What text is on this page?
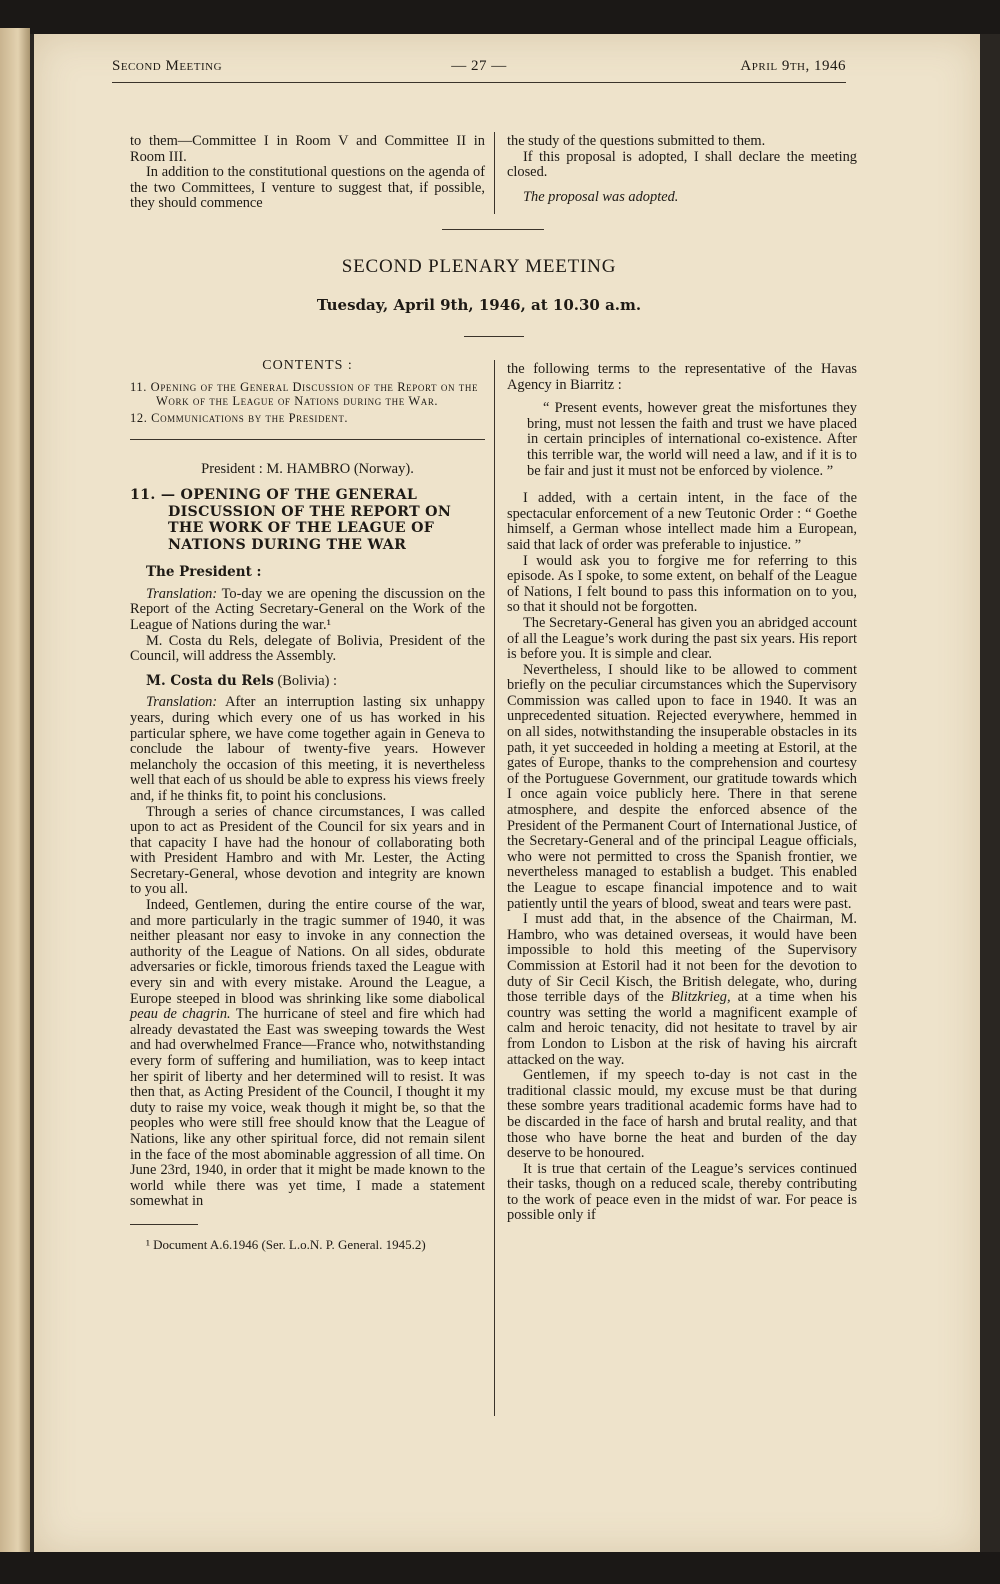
Second Meeting	— 27 —	April 9th, 1946

to them—Committee I in Room V and Committee II in Room III.

In addition to the constitutional questions on the agenda of the two Committees, I venture to suggest that, if possible, they should commence

the study of the questions submitted to them.

If this proposal is adopted, I shall declare the meeting closed.

The proposal was adopted.

SECOND PLENARY MEETING
Tuesday, April 9th, 1946, at 10.30 a.m.
CONTENTS :
11. Opening of the General Discussion of the Report on the Work of the League of Nations during the War.
12. Communications by the President.

President : M. HAMBRO (Norway).

11. — OPENING OF THE GENERAL DISCUSSION OF THE REPORT ON THE WORK OF THE LEAGUE OF NATIONS DURING THE WAR

The President :

Translation: To-day we are opening the discussion on the Report of the Acting Secretary-General on the Work of the League of Nations during the war.¹

M. Costa du Rels, delegate of Bolivia, President of the Council, will address the Assembly.

M. Costa du Rels (Bolivia) :

Translation: After an interruption lasting six unhappy years, during which every one of us has worked in his particular sphere, we have come together again in Geneva to conclude the labour of twenty-five years. However melancholy the occasion of this meeting, it is nevertheless well that each of us should be able to express his views freely and, if he thinks fit, to point his conclusions.

Through a series of chance circumstances, I was called upon to act as President of the Council for six years and in that capacity I have had the honour of collaborating both with President Hambro and with Mr. Lester, the Acting Secretary-General, whose devotion and integrity are known to you all.

Indeed, Gentlemen, during the entire course of the war, and more particularly in the tragic summer of 1940, it was neither pleasant nor easy to invoke in any connection the authority of the League of Nations. On all sides, obdurate adversaries or fickle, timorous friends taxed the League with every sin and with every mistake. Around the League, a Europe steeped in blood was shrinking like some diabolical peau de chagrin. The hurricane of steel and fire which had already devastated the East was sweeping towards the West and had overwhelmed France—France who, notwithstanding every form of suffering and humiliation, was to keep intact her spirit of liberty and her determined will to resist. It was then that, as Acting President of the Council, I thought it my duty to raise my voice, weak though it might be, so that the peoples who were still free should know that the League of Nations, like any other spiritual force, did not remain silent in the face of the most abominable aggression of all time. On June 23rd, 1940, in order that it might be made known to the world while there was yet time, I made a statement somewhat in

¹ Document A.6.1946 (Ser. L.o.N. P. General. 1945.2)

the following terms to the representative of the Havas Agency in Biarritz :

“ Present events, however great the misfortunes they bring, must not lessen the faith and trust we have placed in certain principles of international co-existence. After this terrible war, the world will need a law, and if it is to be fair and just it must not be enforced by violence. ”

I added, with a certain intent, in the face of the spectacular enforcement of a new Teutonic Order : “ Goethe himself, a German whose intellect made him a European, said that lack of order was preferable to injustice. ”

I would ask you to forgive me for referring to this episode. As I spoke, to some extent, on behalf of the League of Nations, I felt bound to pass this information on to you, so that it should not be forgotten.

The Secretary-General has given you an abridged account of all the League’s work during the past six years. His report is before you. It is simple and clear.

Nevertheless, I should like to be allowed to comment briefly on the peculiar circumstances which the Supervisory Commission was called upon to face in 1940. It was an unprecedented situation. Rejected everywhere, hemmed in on all sides, notwithstanding the insuperable obstacles in its path, it yet succeeded in holding a meeting at Estoril, at the gates of Europe, thanks to the comprehension and courtesy of the Portuguese Government, our gratitude towards which I once again voice publicly here. There in that serene atmosphere, and despite the enforced absence of the President of the Permanent Court of International Justice, of the Secretary-General and of the principal League officials, who were not permitted to cross the Spanish frontier, we nevertheless managed to establish a budget. This enabled the League to escape financial impotence and to wait patiently until the years of blood, sweat and tears were past.

I must add that, in the absence of the Chairman, M. Hambro, who was detained overseas, it would have been impossible to hold this meeting of the Supervisory Commission at Estoril had it not been for the devotion to duty of Sir Cecil Kisch, the British delegate, who, during those terrible days of the Blitzkrieg, at a time when his country was setting the world a magnificent example of calm and heroic tenacity, did not hesitate to travel by air from London to Lisbon at the risk of having his aircraft attacked on the way.

Gentlemen, if my speech to-day is not cast in the traditional classic mould, my excuse must be that during these sombre years traditional academic forms have had to be discarded in the face of harsh and brutal reality, and that those who have borne the heat and burden of the day deserve to be honoured.

It is true that certain of the League’s services continued their tasks, though on a reduced scale, thereby contributing to the work of peace even in the midst of war. For peace is possible only if
